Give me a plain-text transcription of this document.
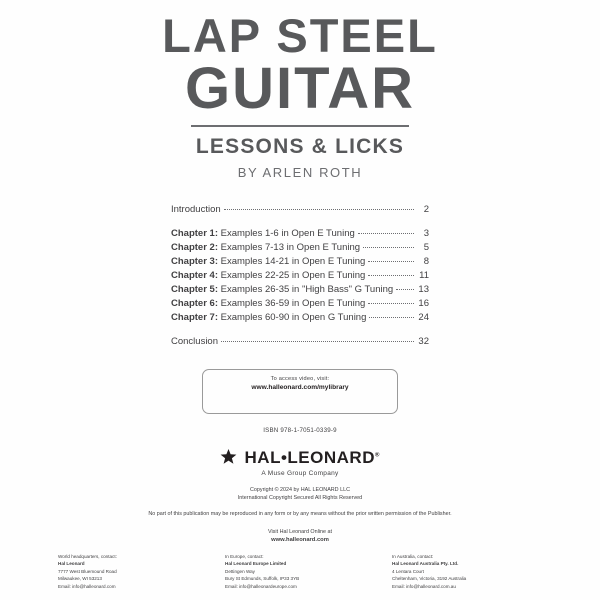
LAP STEEL
GUITAR
LESSONS & LICKS
BY ARLEN ROTH
Introduction	2
Chapter 1: Examples 1-6 in Open E Tuning	3
Chapter 2: Examples 7-13 in Open E Tuning	5
Chapter 3: Examples 14-21 in Open E Tuning	8
Chapter 4: Examples 22-25 in Open E Tuning	11
Chapter 5: Examples 26-35 in "High Bass" G Tuning	13
Chapter 6: Examples 36-59 in Open E Tuning	16
Chapter 7: Examples 60-90 in Open G Tuning	24
Conclusion	32
To access video, visit:
www.halleonard.com/mylibrary
ISBN 978-1-7051-0339-9
HAL•LEONARD®
A Muse Group Company
Copyright © 2024 by HAL LEONARD LLC
International Copyright Secured All Rights Reserved
No part of this publication may be reproduced in any form or by any means without the prior written permission of the Publisher.
Visit Hal Leonard Online at
www.halleonard.com
World headquarters, contact:
Hal Leonard
7777 West Bluemound Road
Milwaukee, WI 53213
Email: info@halleonard.com
In Europe, contact:
Hal Leonard Europe Limited
Dettingen Way
Bury St Edmunds, Suffolk, IP33 3YB
Email: info@halleonardeurope.com
In Australia, contact:
Hal Leonard Australia Pty. Ltd.
4 Lentara Court
Cheltenham, Victoria, 3192 Australia
Email: info@halleonard.com.au
